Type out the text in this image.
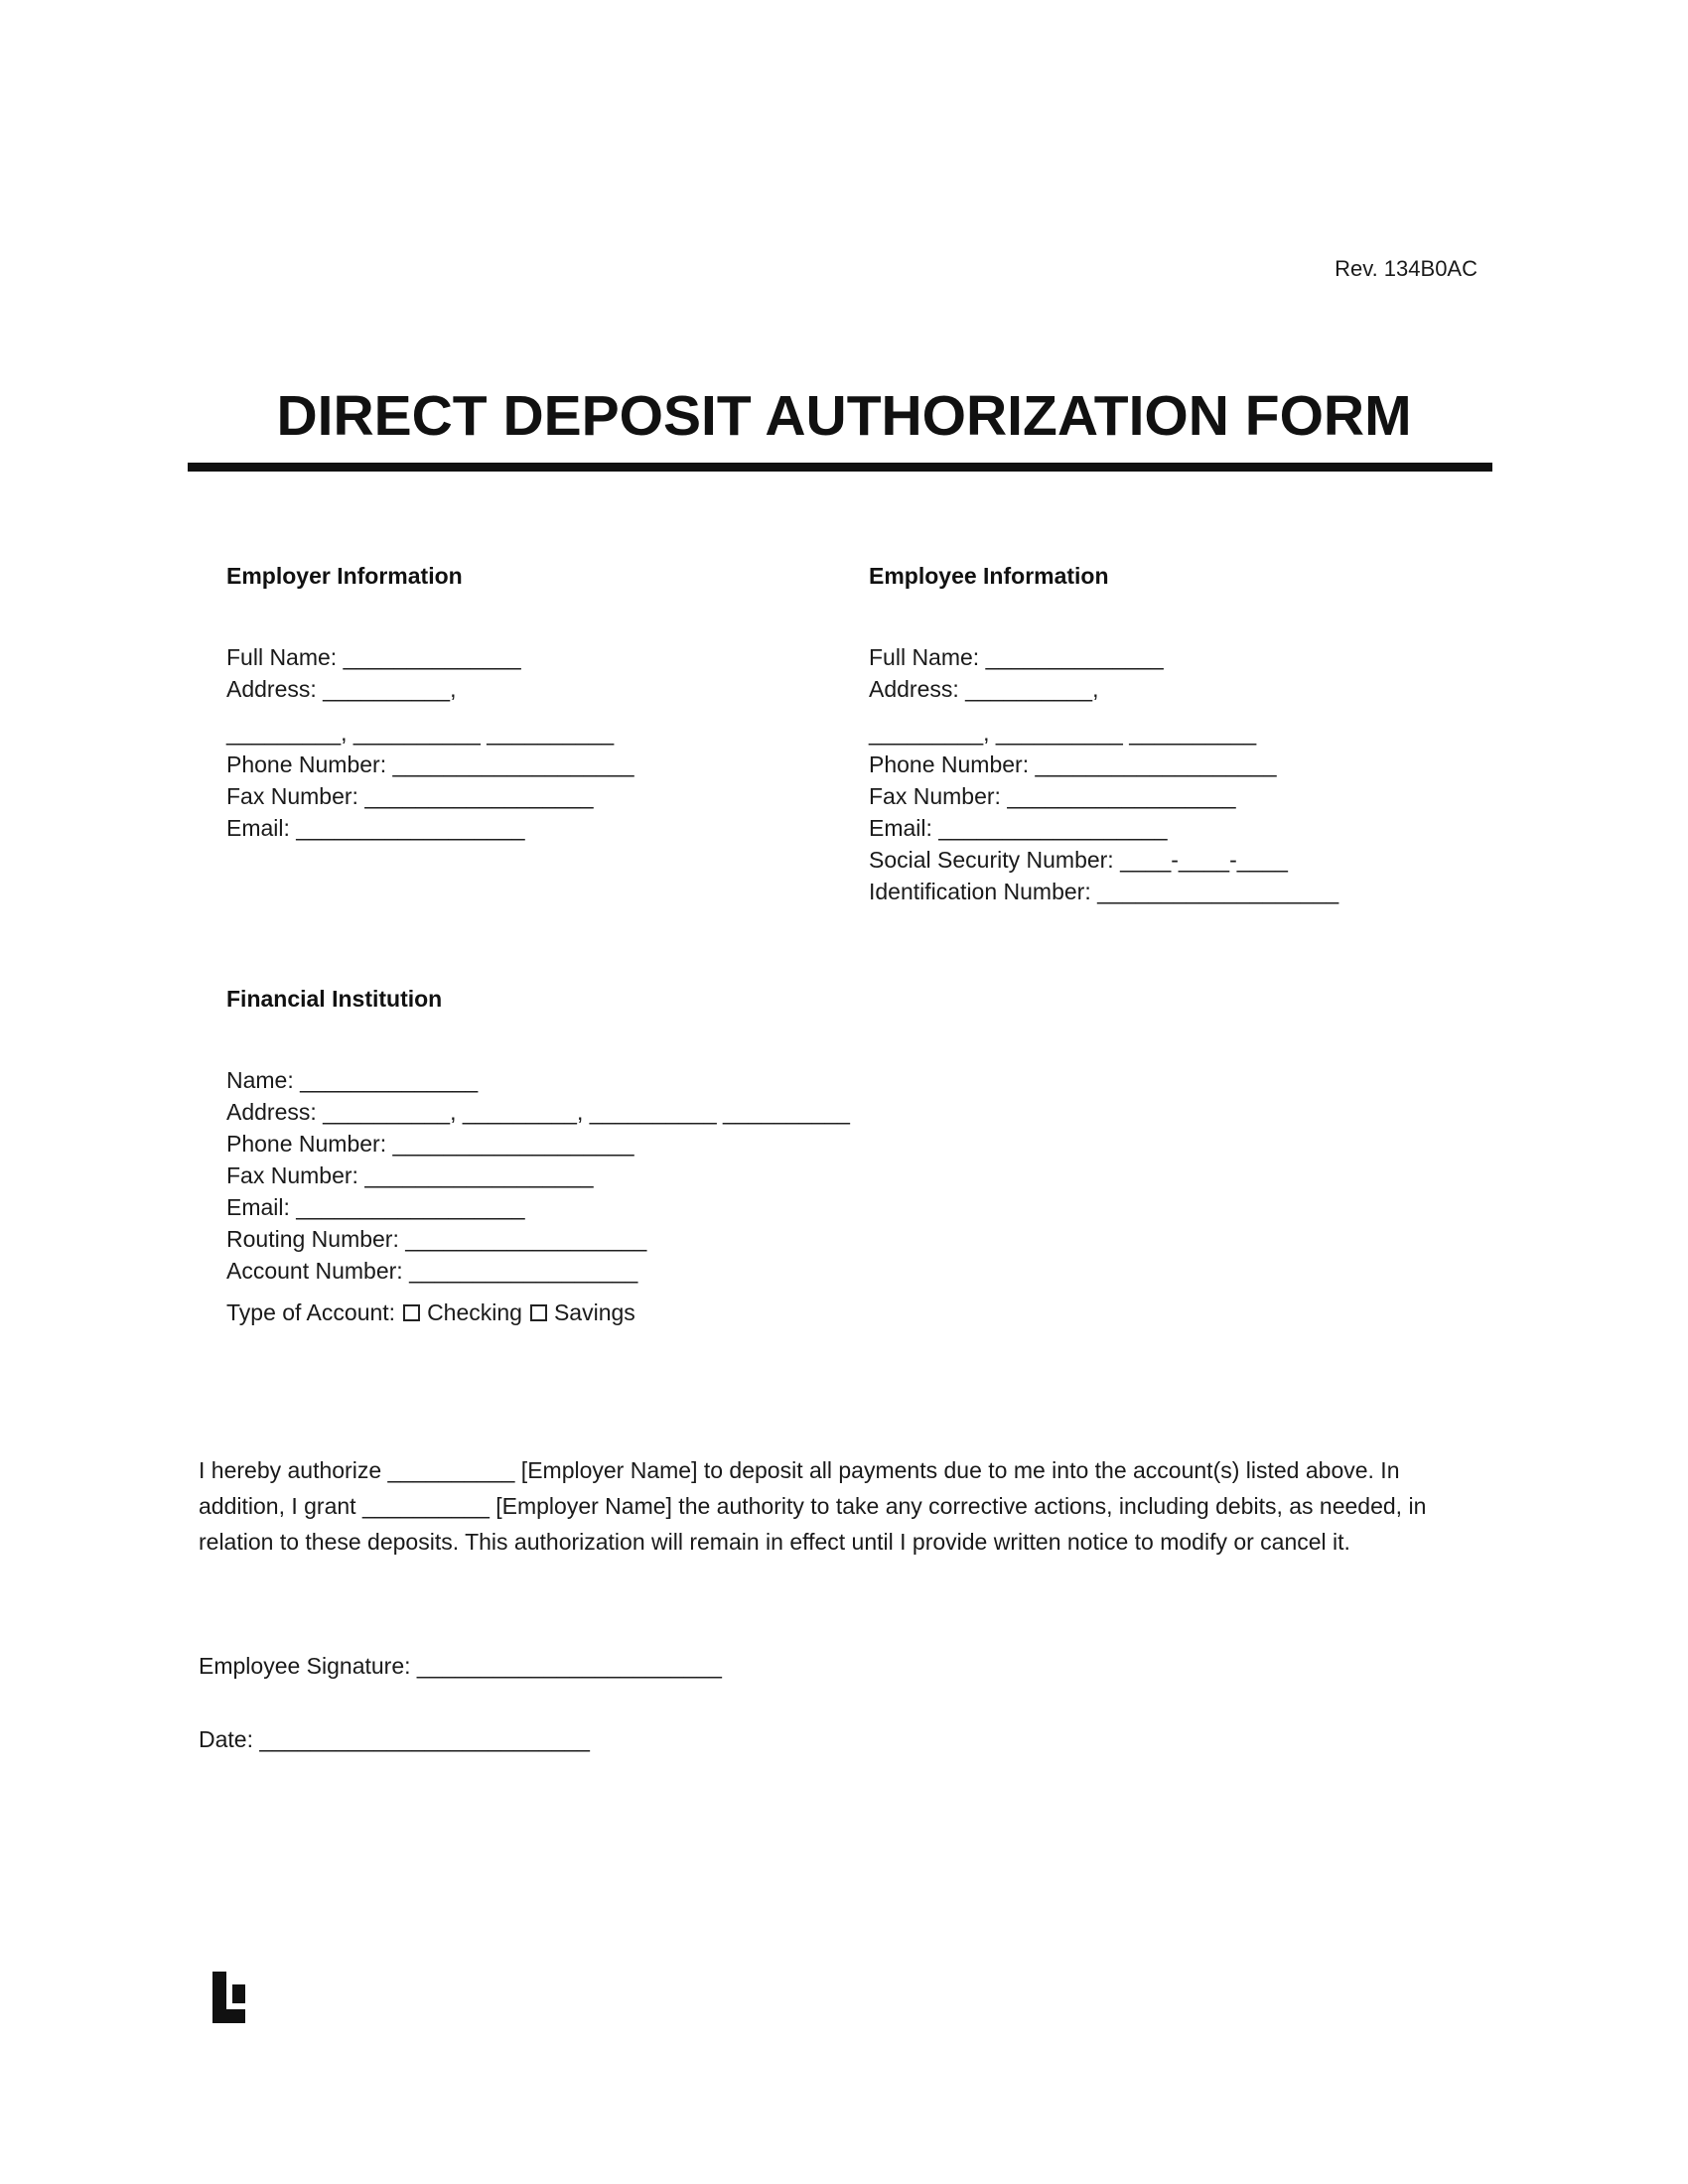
Rev. 134B0AC
DIRECT DEPOSIT AUTHORIZATION FORM
Employer Information
Full Name: ______________
Address: __________,
_________, __________ __________
Phone Number: ___________________
Fax Number: __________________
Email: __________________
Employee Information
Full Name: ______________
Address: __________,
_________, __________ __________
Phone Number: ___________________
Fax Number: __________________
Email: __________________
Social Security Number: ____-____-____
Identification Number: ___________________
Financial Institution
Name: ______________
Address: __________, _________, __________ __________
Phone Number: ___________________
Fax Number: __________________
Email: __________________
Routing Number: ___________________
Account Number: __________________
Type of Account: Checking Savings

I hereby authorize __________ [Employer Name] to deposit all payments due to me into the account(s) listed above. In addition, I grant __________ [Employer Name] the authority to take any corrective actions, including debits, as needed, in relation to these deposits. This authorization will remain in effect until I provide written notice to modify or cancel it.

Employee Signature: ________________________
Date: __________________________
